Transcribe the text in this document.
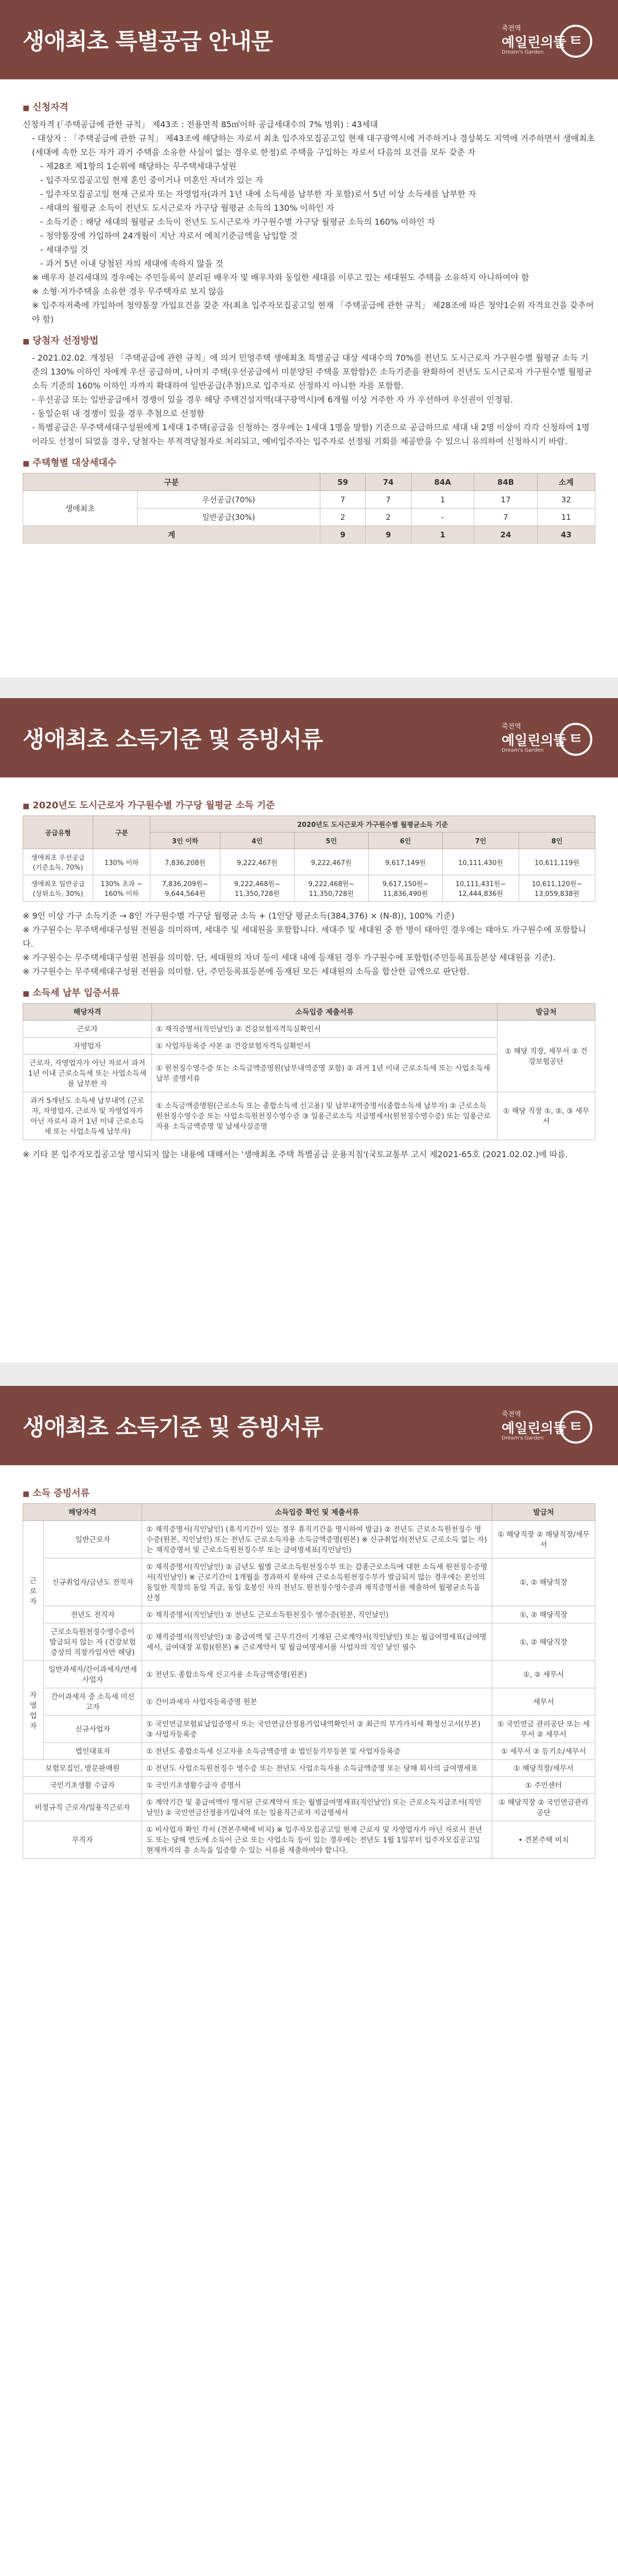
생애최초 특별공급 안내문	죽전역
예일린의뜰
Dream's Garden
ㅌ
■ 신청자격

신청자격 (「주택공급에 관한 규칙」 제43조 : 전용면적 85㎡이하 공급세대수의 7% 범위) : 43세대

- 대상자 : 「주택공급에 관한 규칙」 제43조에 해당하는 자로서 최초 입주자모집공고일 현재 대구광역시에 거주하거나 경상북도 지역에 거주하면서 생애최초(세대에 속한 모든 자가 과거 주택을 소유한 사실이 없는 경우로 한정)로 주택을 구입하는 자로서 다음의 요건을 모두 갖춘 자

- 제28조 제1항의 1순위에 해당하는 무주택세대구성원

- 입주자모집공고일 현재 혼인 중이거나 미혼인 자녀가 있는 자

- 입주자모집공고일 현재 근로자 또는 자영업자(과거 1년 내에 소득세를 납부한 자 포함)로서 5년 이상 소득세를 납부한 자

- 세대의 월평균 소득이 전년도 도시근로자 가구당 월평균 소득의 130% 이하인 자

- 소득기준 : 해당 세대의 월평균 소득이 전년도 도시근로자 가구원수별 가구당 월평균 소득의 160% 이하인 자

- 청약통장에 가입하여 24개월이 지난 자로서 예치기준금액을 납입할 것

- 세대주일 것

- 과거 5년 이내 당첨된 자의 세대에 속하지 않을 것

※ 배우자 분리세대의 경우에는 주민등록이 분리된 배우자 및 배우자와 동일한 세대를 이루고 있는 세대원도 주택을 소유하지 아니하여야 함

※ 소형·저가주택을 소유한 경우 무주택자로 보지 않음

※ 입주자저축에 가입하여 청약통장 가입요건을 갖춘 자(최초 입주자모집공고일 현재 「주택공급에 관한 규칙」 제28조에 따른 청약1순위 자격요건을 갖추어야 함)

■ 당첨자 선정방법

- 2021.02.02. 개정된 「주택공급에 관한 규칙」에 의거 민영주택 생애최초 특별공급 대상 세대수의 70%를 전년도 도시근로자 가구원수별 월평균 소득 기준의 130% 이하인 자에게 우선 공급하며, 나머지 주택(우선공급에서 미분양된 주택을 포함함)은 소득기준을 완화하여 전년도 도시근로자 가구원수별 월평균 소득 기준의 160% 이하인 자까지 확대하여 일반공급(추첨)으로 입주자로 선정하지 아니한 자를 포함함.

- 우선공급 또는 일반공급에서 경쟁이 있을 경우 해당 주택건설지역(대구광역시)에 6개월 이상 거주한 자 가 우선하여 우선권이 인정됨.

- 동일순위 내 경쟁이 있을 경우 추첨으로 선정함

- 특별공급은 무주택세대구성원에게 1세대 1주택(공급을 신청하는 경우에는 1세대 1명을 말함) 기준으로 공급하므로 세대 내 2명 이상이 각각 신청하여 1명이라도 선정이 되었을 경우, 당첨자는 부적격당첨자로 처리되고, 예비입주자는 입주자로 선정될 기회를 제공받을 수 있으니 유의하여 신청하시기 바람.

■ 주택형별 대상세대수
구분		59	74	84A	84B	소계
생애최초	우선공급(70%)	7	7	1	17	32
	일반공급(30%)	2	2	-	7	11
계		9	9	1	24	43
생애최초 소득기준 및 증빙서류	죽전역
예일린의뜰
Dream's Garden
ㅌ
■ 2020년도 도시근로자 가구원수별 가구당 월평균 소득 기준
공급유형	구분	2020년도 도시근로자 가구원수별 월평균소득 기준					
		3인 이하	4인	5인	6인	7인	8인
생애최초 우선공급 (기준소득, 70%)	130% 이하	7,836,208원	9,222,467원	9,222,467원	9,617,149원	10,111,430원	10,611,119원
생애최초 일반공급 (상위소득, 30%)	130% 초과 ~ 160% 이하	7,836,209원~ 9,644,564원	9,222,468원~ 11,350,728원	9,222,468원~ 11,350,728원	9,617,150원~ 11,836,490원	10,111,431원~ 12,444,836원	10,611,120원~ 13,059,838원

※ 9인 이상 가구 소득기준 → 8인 가구원수별 가구당 월평균 소득 + (1인당 평균소득(384,376) × (N-8)), 100% 기준)

※ 가구원수는 무주택세대구성원 전원을 의미하며, 세대주 및 세대원을 포함합니다. 세대주 및 세대원 중 한 명이 태아인 경우에는 태아도 가구원수에 포함합니다.

※ 가구원수는 무주택세대구성원 전원을 의미함. 단, 세대원의 자녀 등이 세대 내에 등재된 경우 가구원수에 포함함(주민등록표등본상 세대원을 기준).

※ 가구원수는 무주택세대구성원 전원을 의미함. 단, 주민등록표등본에 등재된 모든 세대원의 소득을 합산한 금액으로 판단함.

■ 소득세 납부 입증서류
해당자격	소득입증 제출서류	발급처
근로자	① 재직증명서(직인날인) ② 건강보험자격득실확인서	① 해당 직장, 세무서 ② 건강보험공단
자영업자	① 사업자등록증 사본 ② 건강보험자격득실확인서	
근로자, 자영업자가 아닌 자로서 과거 1년 이내 근로소득세 또는 사업소득세를 납부한 자	① 원천징수영수증 또는 소득금액증명원(납부내역증명 포함) ② 과거 1년 이내 근로소득세 또는 사업소득세 납부 증명서류	
과거 5개년도 소득세 납부내역 (근로자, 자영업자, 근로자 및 자영업자가 아닌 자로서 과거 1년 이내 근로소득세 또는 사업소득세 납부자)	① 소득금액증명원(근로소득 또는 종합소득세 신고용) 및 납부내역증명서(종합소득세 납부자) ② 근로소득원천징수영수증 또는 사업소득원천징수영수증 ③ 일용근로소득 지급명세서(원천징수영수증) 또는 일용근로자용 소득금액증명 및 납세사실증명	① 해당 직장 ①, ②, ③ 세무서

※ 기타 본 입주자모집공고상 명시되지 않는 내용에 대해서는 '생애최초 주택 특별공급 운용지침'(국토교통부 고시 제2021-65호 (2021.02.02.)에 따름.

생애최초 소득기준 및 증빙서류	죽전역
예일린의뜰
Dream's Garden
ㅌ
■ 소득 증빙서류
해당자격		소득입증 확인 및 제출서류	발급처
근로자	일반근로자	① 재직증명서(직인날인) (휴직기간이 있는 경우 휴직기간을 명시하여 발급) ② 전년도 근로소득원천징수 영수증(원본, 직인날인) 또는 전년도 근로소득자용 소득금액증명(원본) ※ 신규취업자(전년도 근로소득 없는 자)는 재직증명서 및 근로소득원천징수부 또는 급여명세표(직인날인)	① 해당직장 ② 해당직장/세무서
	신규취업자/금년도 전직자	① 재직증명서(직인날인) ② 금년도 월별 근로소득원천징수부 또는 갑종근로소득에 대한 소득세 원천징수증명서(직인날인) ※ 근로기간이 1개월을 경과하지 못하여 근로소득원천징수부가 발급되지 않는 경우에는 본인의 동일한 직장의 동일 직급, 동일 호봉인 자의 전년도 원천징수영수증과 재직증명서를 제출하여 월평균소득을 산정	①, ② 해당직장
	전년도 전직자	① 재직증명서(직인날인) ② 전년도 근로소득원천징수 영수증(원본, 직인날인)	①, ② 해당직장
	근로소득원천징수영수증이 발급되지 않는 자 (건강보험증상의 직장가입자만 해당)	① 재직증명서(직인날인) ② 총급여액 및 근무기간이 기재된 근로계약서(직인날인) 또는 월급여명세표(급여명세서, 급여대장 포함)(원본) ※ 근로계약서 및 월급여명세서를 사업자의 직인 날인 필수	①, ② 해당직장
자영업자	일반과세자/간이과세자/면세사업자	① 전년도 종합소득세 신고자용 소득금액증명(원본)	①, ② 세무서
	간이과세자 중 소득세 미신고자	① 간이과세자 사업자등록증명 원본	세무서
	신규사업자	① 국민연금보험료납입증명서 또는 국민연금산정용가입내역확인서 ② 최근의 부가가치세 확정신고서(부본) ③ 사업자등록증	① 국민연금 관리공단 또는 세무서 ② 세무서
	법인대표자	① 전년도 종합소득세 신고자용 소득금액증명 ② 법인등기부등본 및 사업자등록증	① 세무서 ② 등기소/세무서
보험모집인, 방문판매원		① 전년도 사업소득원천징수 영수증 또는 전년도 사업소득자용 소득금액증명 또는 당해 회사의 급여명세표	① 해당직장/세무서
국민기초생활 수급자		① 국민기초생활수급자 증명서	① 주민센터
비정규직 근로자/일용직근로자		① 계약기간 및 총급여액이 명시된 근로계약서 또는 월별급여명세표(직인날인) 또는 근로소득지급조서(직인날인) ② 국민연금산정용가입내역 또는 일용직근로자 지급명세서	① 해당직장 ② 국민연금관리공단
무직자		① 비사업자 확인 각서 (견본주택에 비치) ※ 입주자모집공고일 현재 근로자 및 자영업자가 아닌 자로서 전년도 또는 당해 연도에 소득이 근로 또는 사업소득 등이 있는 경우에는 전년도 1월 1일부터 입주자모집공고일 현재까지의 총 소득을 입증할 수 있는 서류를 제출하여야 합니다.	• 견본주택 비치
